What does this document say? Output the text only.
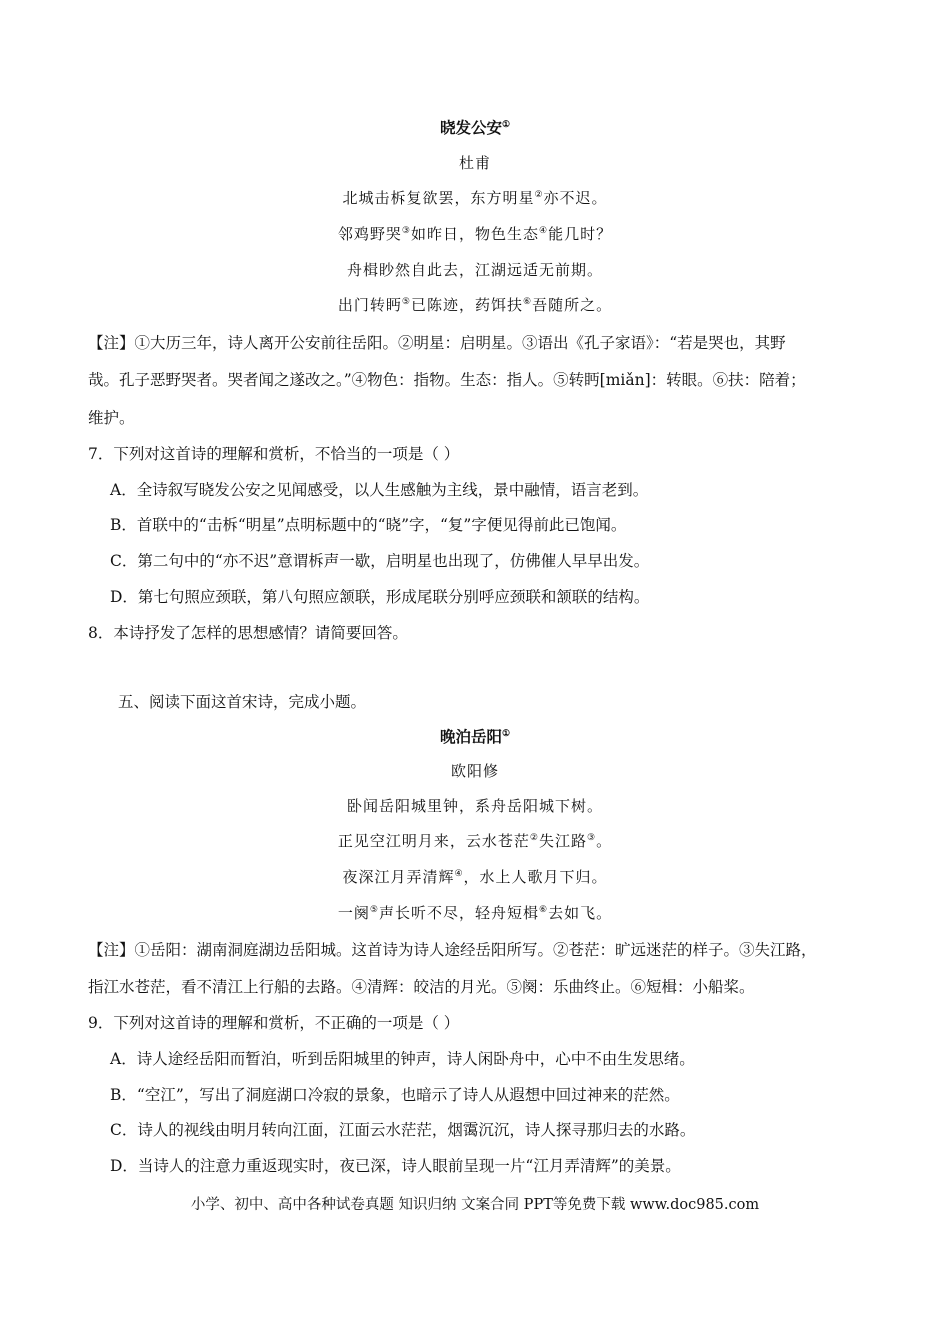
晓发公安①
杜甫
北城击柝复欲罢，东方明星②亦不迟。
邻鸡野哭③如昨日，物色生态④能几时？
舟楫眇然自此去，江湖远适无前期。
出门转眄⑤已陈迹，药饵扶⑥吾随所之。
【注】①大历三年，诗人离开公安前往岳阳。②明星：启明星。③语出《孔子家语》：“若是哭也，其野
哉。孔子恶野哭者。哭者闻之遂改之。”④物色：指物。生态：指人。⑤转眄[miǎn]：转眼。⑥扶：陪着；
维护。
7．下列对这首诗的理解和赏析，不恰当的一项是（ ）
A．全诗叙写晓发公安之见闻感受，以人生感触为主线，景中融情，语言老到。
B．首联中的“击柝“明星”点明标题中的“晓”字，“复”字便见得前此已饱闻。
C．第二句中的“亦不迟”意谓柝声一歇，启明星也出现了，仿佛催人早早出发。
D．第七句照应颈联，第八句照应颔联，形成尾联分别呼应颈联和颔联的结构。
8．本诗抒发了怎样的思想感情？请简要回答。
五、阅读下面这首宋诗，完成小题。
晚泊岳阳①
欧阳修
卧闻岳阳城里钟，系舟岳阳城下树。
正见空江明月来，云水苍茫②失江路③。
夜深江月弄清辉④，水上人歌月下归。
一阕⑤声长听不尽，轻舟短楫⑥去如飞。
【注】①岳阳：湖南洞庭湖边岳阳城。这首诗为诗人途经岳阳所写。②苍茫：旷远迷茫的样子。③失江路，
指江水苍茫，看不清江上行船的去路。④清辉：皎洁的月光。⑤阕：乐曲终止。⑥短楫：小船桨。
9．下列对这首诗的理解和赏析，不正确的一项是（ ）
A．诗人途经岳阳而暂泊，听到岳阳城里的钟声，诗人闲卧舟中，心中不由生发思绪。
B．“空江”，写出了洞庭湖口冷寂的景象，也暗示了诗人从遐想中回过神来的茫然。
C．诗人的视线由明月转向江面，江面云水茫茫，烟霭沉沉，诗人探寻那归去的水路。
D．当诗人的注意力重返现实时，夜已深，诗人眼前呈现一片“江月弄清辉”的美景。
小学、初中、高中各种试卷真题 知识归纳 文案合同 PPT等免费下载 www.doc985.com
